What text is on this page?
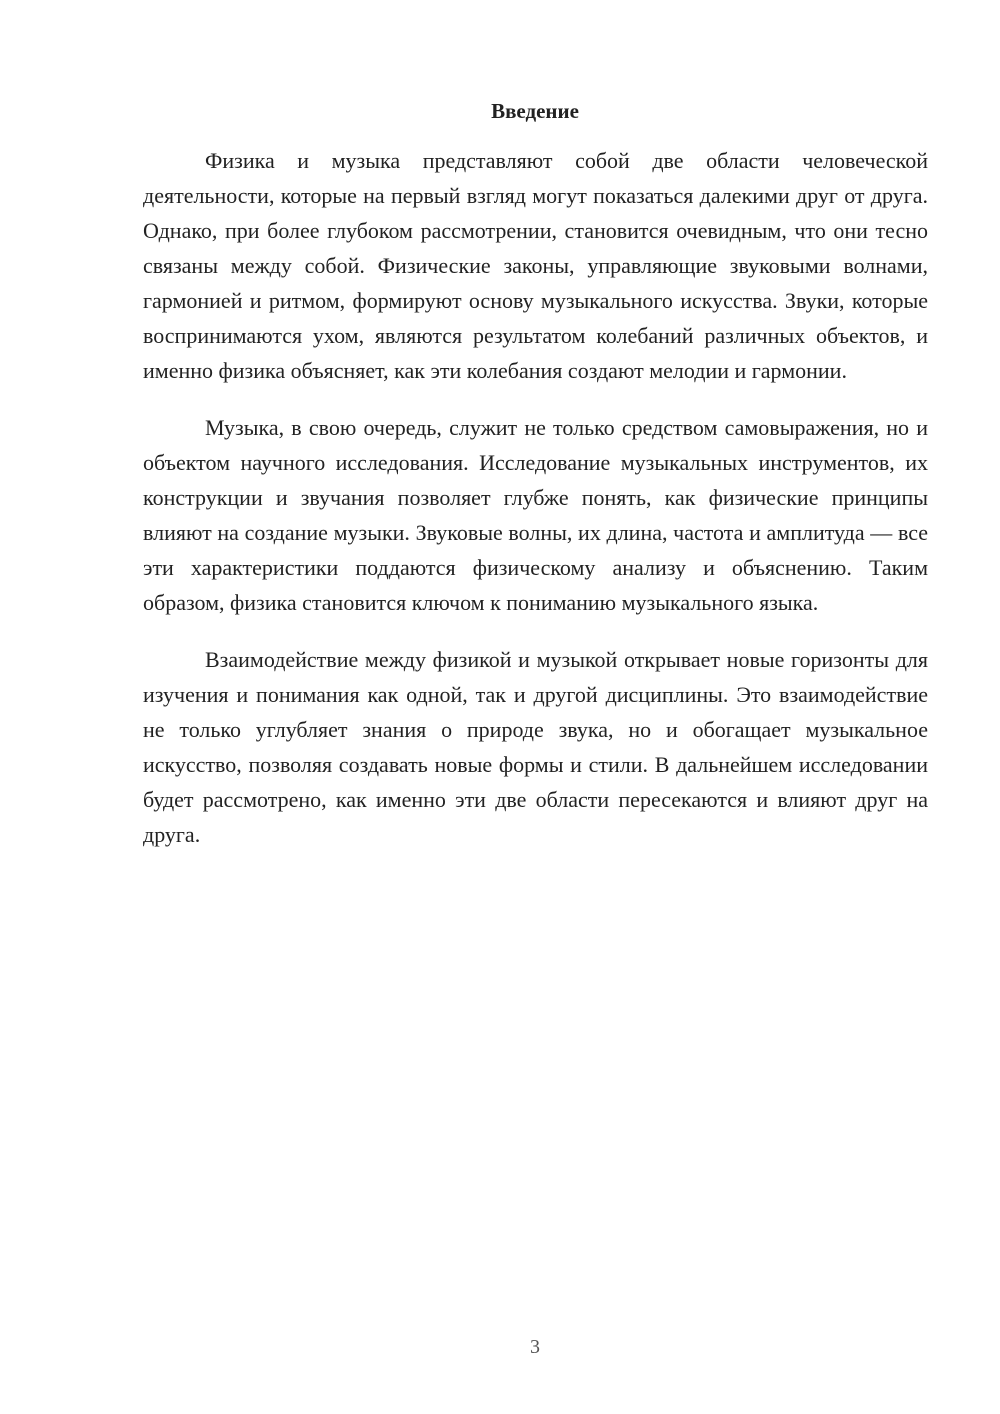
Введение

Физика и музыка представляют собой две области человеческой деятельности, которые на первый взгляд могут показаться далекими друг от друга. Однако, при более глубоком рассмотрении, становится очевидным, что они тесно связаны между собой. Физические законы, управляющие звуковыми волнами, гармонией и ритмом, формируют основу музыкального искусства. Звуки, которые воспринимаются ухом, являются результатом колебаний различных объектов, и именно физика объясняет, как эти колебания создают мелодии и гармонии.

Музыка, в свою очередь, служит не только средством самовыражения, но и объектом научного исследования. Исследование музыкальных инструментов, их конструкции и звучания позволяет глубже понять, как физические принципы влияют на создание музыки. Звуковые волны, их длина, частота и амплитуда — все эти характеристики поддаются физическому анализу и объяснению. Таким образом, физика становится ключом к пониманию музыкального языка.

Взаимодействие между физикой и музыкой открывает новые горизонты для изучения и понимания как одной, так и другой дисциплины. Это взаимодействие не только углубляет знания о природе звука, но и обогащает музыкальное искусство, позволяя создавать новые формы и стили. В дальнейшем исследовании будет рассмотрено, как именно эти две области пересекаются и влияют друг на друга.

3
